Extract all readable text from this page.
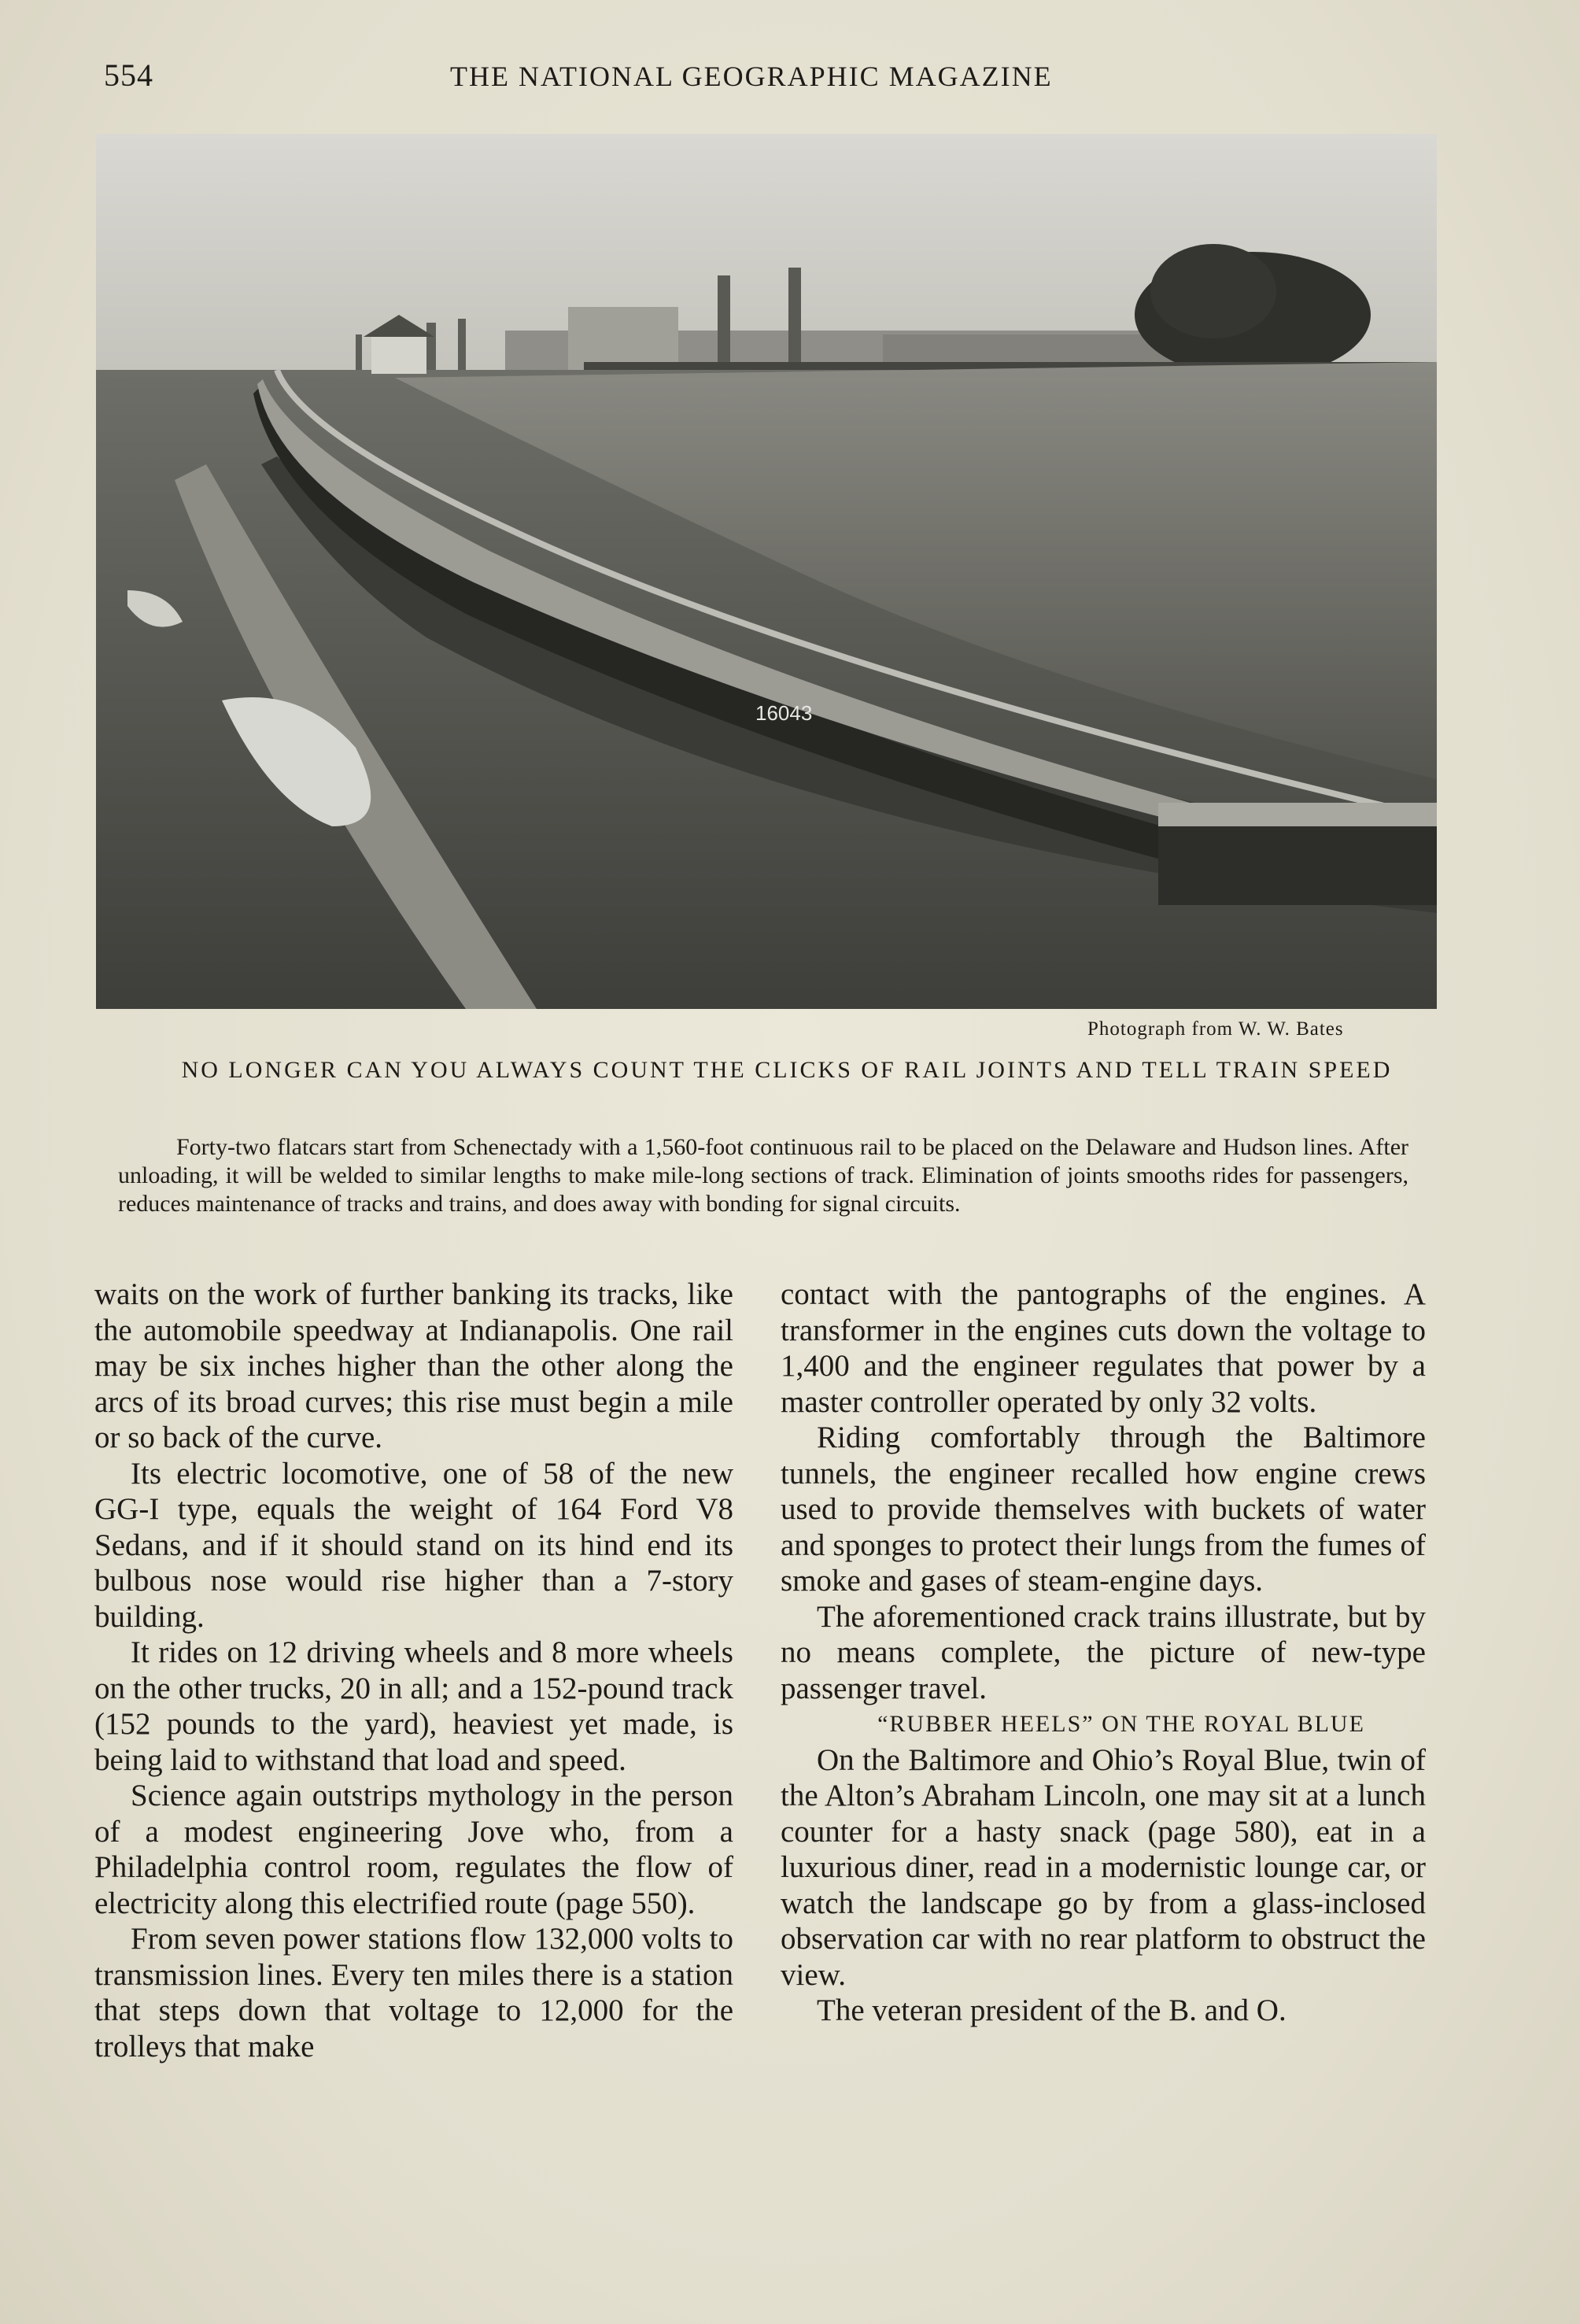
554	THE NATIONAL GEOGRAPHIC MAGAZINE
16043
Photograph from W. W. Bates
NO LONGER CAN YOU ALWAYS COUNT THE CLICKS OF RAIL JOINTS AND TELL TRAIN SPEED
Forty-two flatcars start from Schenectady with a 1,560-foot continuous rail to be placed on the Delaware and Hudson lines. After unloading, it will be welded to similar lengths to make mile-long sections of track. Elimination of joints smooths rides for passengers, reduces maintenance of tracks and trains, and does away with bonding for signal circuits.

waits on the work of further banking its tracks, like the automobile speedway at Indianapolis. One rail may be six inches higher than the other along the arcs of its broad curves; this rise must begin a mile or so back of the curve.

Its electric locomotive, one of 58 of the new GG-I type, equals the weight of 164 Ford V8 Sedans, and if it should stand on its hind end its bulbous nose would rise higher than a 7-story building.

It rides on 12 driving wheels and 8 more wheels on the other trucks, 20 in all; and a 152-pound track (152 pounds to the yard), heaviest yet made, is being laid to withstand that load and speed.

Science again outstrips mythology in the person of a modest engineering Jove who, from a Philadelphia control room, regulates the flow of electricity along this electrified route (page 550).

From seven power stations flow 132,000 volts to transmission lines. Every ten miles there is a station that steps down that voltage to 12,000 for the trolleys that make

contact with the pantographs of the engines. A transformer in the engines cuts down the voltage to 1,400 and the engineer regulates that power by a master controller operated by only 32 volts.

Riding comfortably through the Baltimore tunnels, the engineer recalled how engine crews used to provide themselves with buckets of water and sponges to protect their lungs from the fumes of smoke and gases of steam-engine days.

The aforementioned crack trains illustrate, but by no means complete, the picture of new-type passenger travel.

“RUBBER HEELS” ON THE ROYAL BLUE

On the Baltimore and Ohio’s Royal Blue, twin of the Alton’s Abraham Lincoln, one may sit at a lunch counter for a hasty snack (page 580), eat in a luxurious diner, read in a modernistic lounge car, or watch the landscape go by from a glass-inclosed observation car with no rear platform to obstruct the view.

The veteran president of the B. and O.
